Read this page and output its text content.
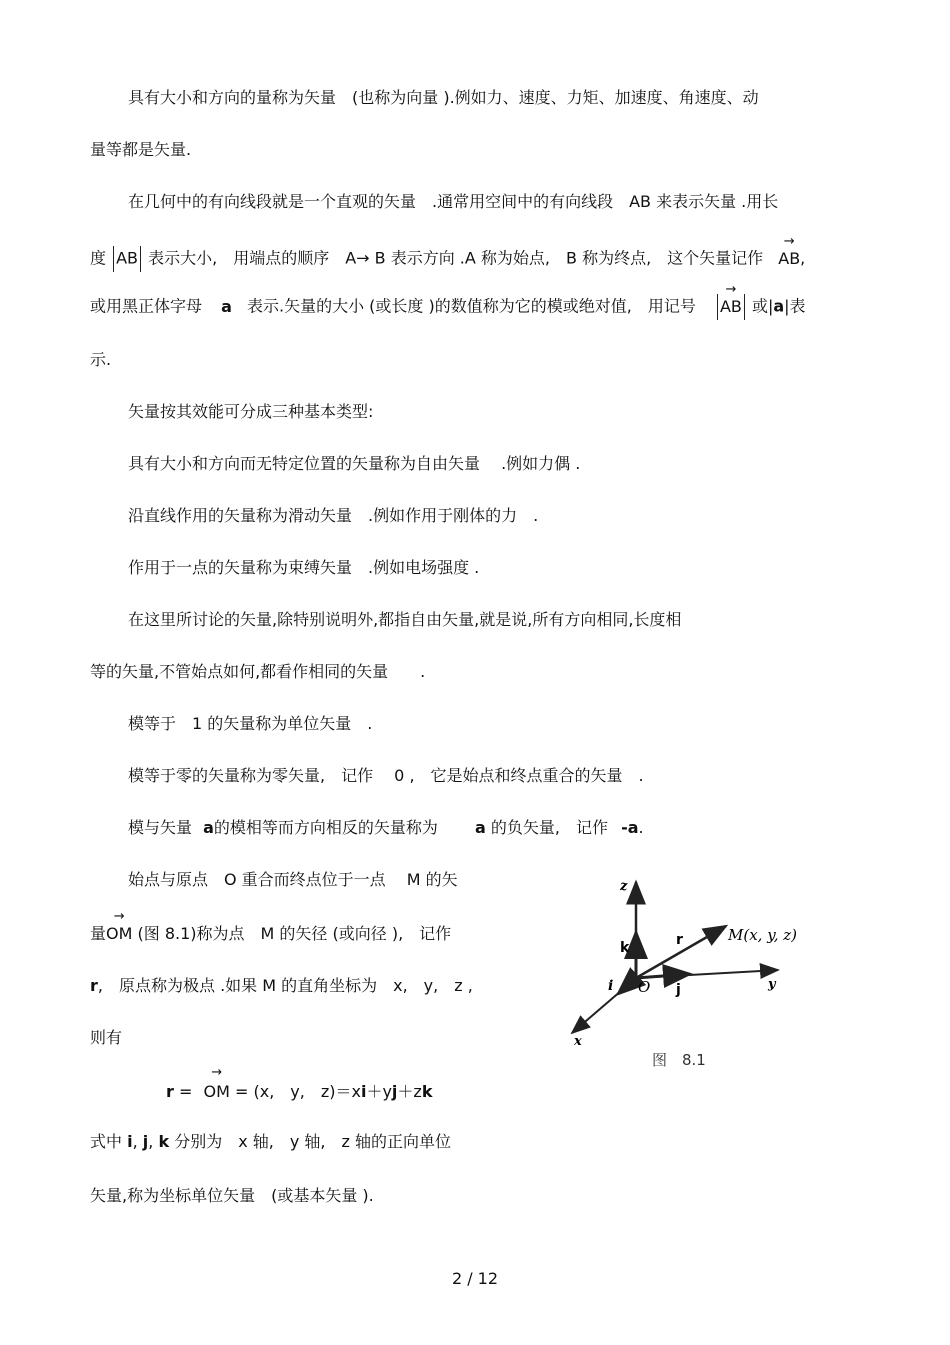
具有大小和方向的量称为矢量　(也称为向量 ).例如力、速度、力矩、加速度、角速度、动
量等都是矢量.
在几何中的有向线段就是一个直观的矢量　.通常用空间中的有向线段　AB 来表示矢量 .用长
度 AB 表示大小,　用端点的顺序　A→ B 表示方向 .A 称为始点,　B 称为终点,　这个矢量记作
→
AB,
或用黑正体字母 a 表示.矢量的大小 (或长度 )的数值称为它的模或绝对值,　用记号
→
AB 或|a|表
示.
矢量按其效能可分成三种基本类型:
具有大小和方向而无特定位置的矢量称为自由矢量　 .例如力偶 .
沿直线作用的矢量称为滑动矢量　.例如作用于刚体的力　.
作用于一点的矢量称为束缚矢量　.例如电场强度 .
在这里所讨论的矢量,除特别说明外,都指自由矢量,就是说,所有方向相同,长度相
等的矢量,不管始点如何,都看作相同的矢量　　.
模等于　1 的矢量称为单位矢量　.
模等于零的矢量称为零矢量,　记作　 0 ,　它是始点和终点重合的矢量　.
模与矢量 a的模相等而方向相反的矢量称为　　 a 的负矢量,　记作 -a.
始点与原点　O 重合而终点位于一点　 M 的矢
量
→
OM (图 8.1)称为点　M 的矢径 (或向径 ),　记作
r,　原点称为极点 .如果 M 的直角坐标为　x,　y,　z ,
则有
r =
→
OM = (x,　y,　z)＝xi＋yj＋zk
式中 i, j, k 分别为　x 轴,　y 轴,　z 轴的正向单位
矢量,称为坐标单位矢量　(或基本矢量 ).
z
k	r	M(x, y, z)
i O j	y
x
图　8.1
2 / 12
